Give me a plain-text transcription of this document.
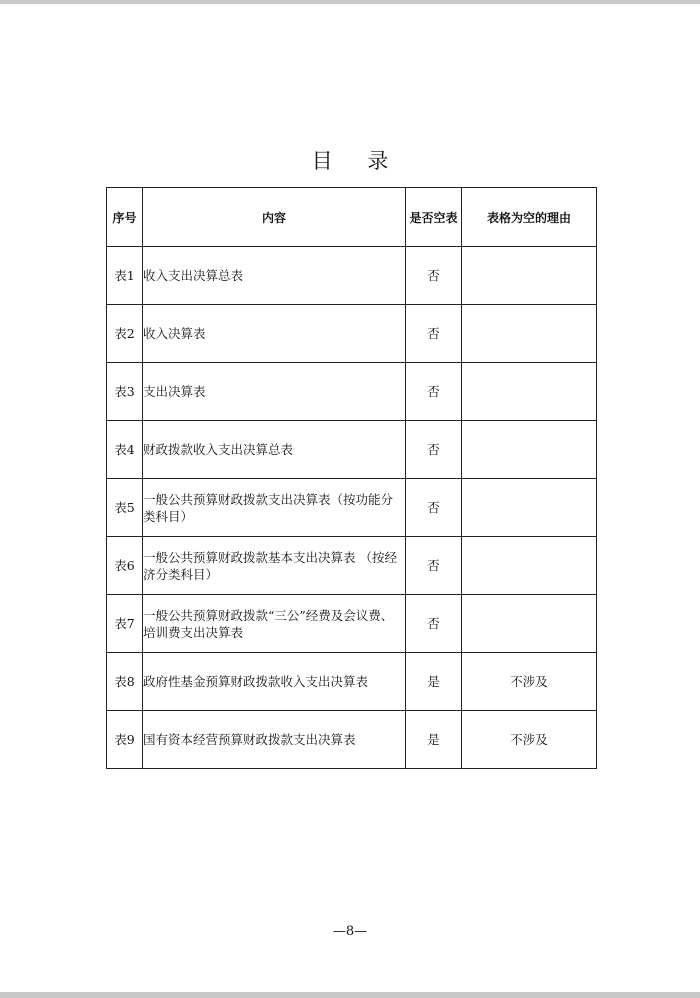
目 录
序号	内容	是否空表	表格为空的理由
表1	收入支出决算总表	否	
表2	收入决算表	否	
表3	支出决算表	否	
表4	财政拨款收入支出决算总表	否	
表5	一般公共预算财政拨款支出决算表（按功能分类科目）	否	
表6	一般公共预算财政拨款基本支出决算表 （按经济分类科目）	否	
表7	一般公共预算财政拨款“三公”经费及会议费、培训费支出决算表	否	
表8	政府性基金预算财政拨款收入支出决算表	是	不涉及
表9	国有资本经营预算财政拨款支出决算表	是	不涉及
—8—
